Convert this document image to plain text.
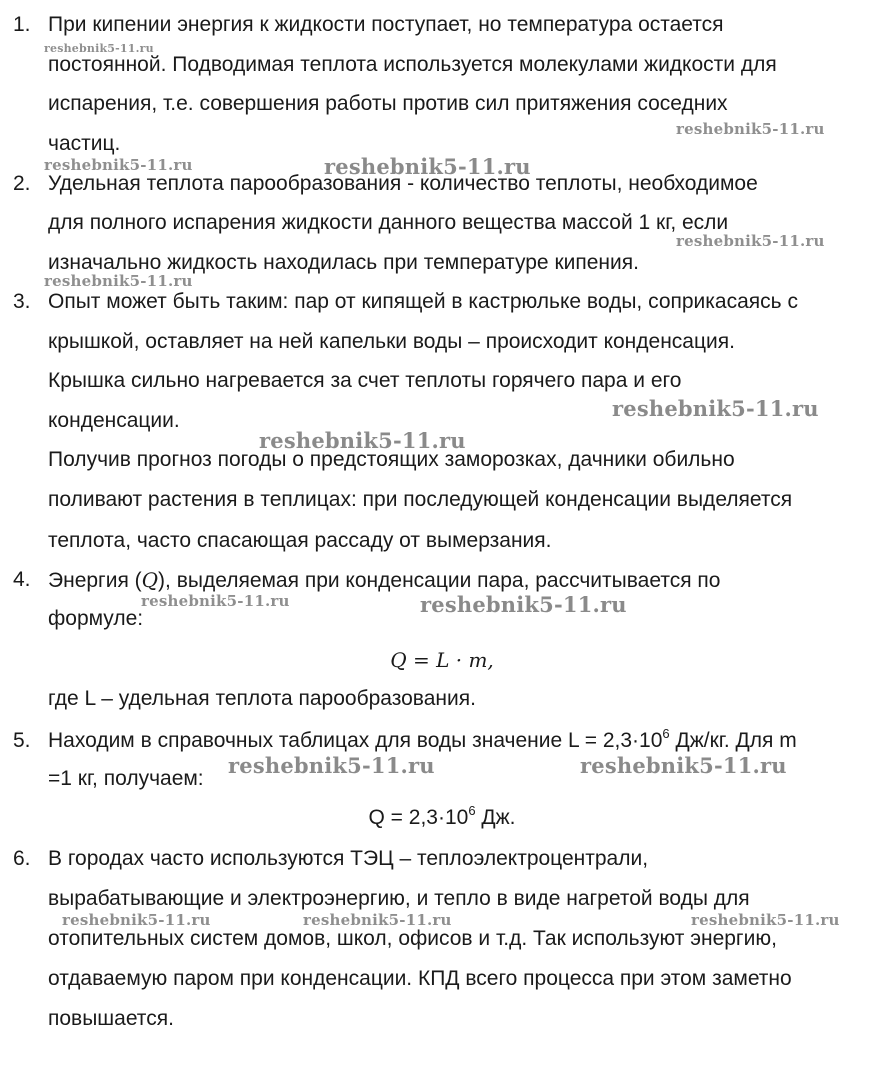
1. При кипении энергия к жидкости поступает, но температура остается
постоянной. Подводимая теплота используется молекулами жидкости для
испарения, т.е. совершения работы против сил притяжения соседних
частиц.
2. Удельная теплота парообразования - количество теплоты, необходимое
для полного испарения жидкости данного вещества массой 1 кг, если
изначально жидкость находилась при температуре кипения.
3. Опыт может быть таким: пар от кипящей в кастрюльке воды, соприкасаясь с
крышкой, оставляет на ней капельки воды – происходит конденсация.
Крышка сильно нагревается за счет теплоты горячего пара и его
конденсации.
Получив прогноз погоды о предстоящих заморозках, дачники обильно
поливают растения в теплицах: при последующей конденсации выделяется
теплота, часто спасающая рассаду от вымерзания.
4. Энергия (Q), выделяемая при конденсации пара, рассчитывается по
формуле:
Q = L · m,
где L – удельная теплота парообразования.
5. Находим в справочных таблицах для воды значение $L = 2,3\cdot 10^6$ Дж/кг. Для m
=1 кг, получаем:
$Q = 2,3\cdot 10^6$ Дж.
6. В городах часто используются ТЭЦ – теплоэлектроцентрали,
вырабатывающие и электроэнергию, и тепло в виде нагретой воды для
отопительных систем домов, школ, офисов и т.д. Так используют энергию,
отдаваемую паром при конденсации. КПД всего процесса при этом заметно
повышается.
reshebnik5-11.ru
reshebnik5-11.ru
reshebnik5-11.ru	reshebnik5-11.ru
reshebnik5-11.ru
reshebnik5-11.ru
reshebnik5-11.ru
reshebnik5-11.ru
reshebnik5-11.ru	reshebnik5-11.ru
reshebnik5-11.ru	reshebnik5-11.ru
reshebnik5-11.ru	reshebnik5-11.ru	reshebnik5-11.ru
